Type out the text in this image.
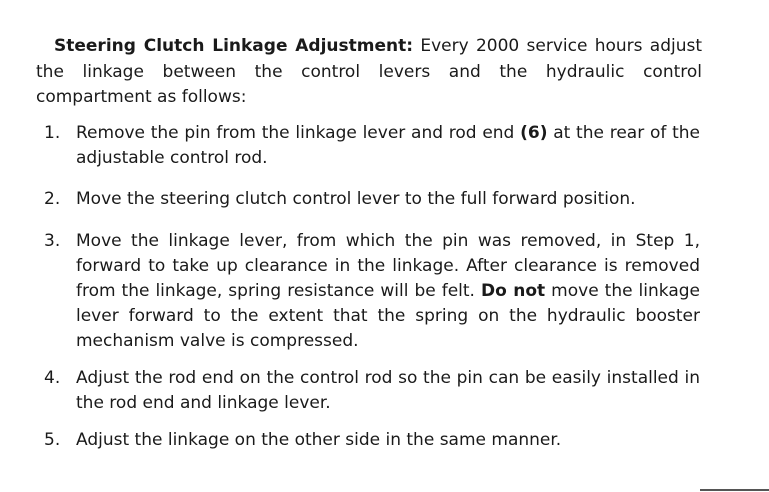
Steering Clutch Linkage Adjustment: Every 2000 service hours adjust the linkage between the control levers and the hydraulic control compartment as follows:

1. Remove the pin from the linkage lever and rod end (6) at the rear of the adjustable control rod.
2. Move the steering clutch control lever to the full forward position.
3. Move the linkage lever, from which the pin was removed, in Step 1, forward to take up clearance in the linkage. After clearance is removed from the linkage, spring resistance will be felt. Do not move the linkage lever forward to the extent that the spring on the hydraulic booster mechanism valve is compressed.
4. Adjust the rod end on the control rod so the pin can be easily installed in the rod end and linkage lever.
5. Adjust the linkage on the other side in the same manner.
